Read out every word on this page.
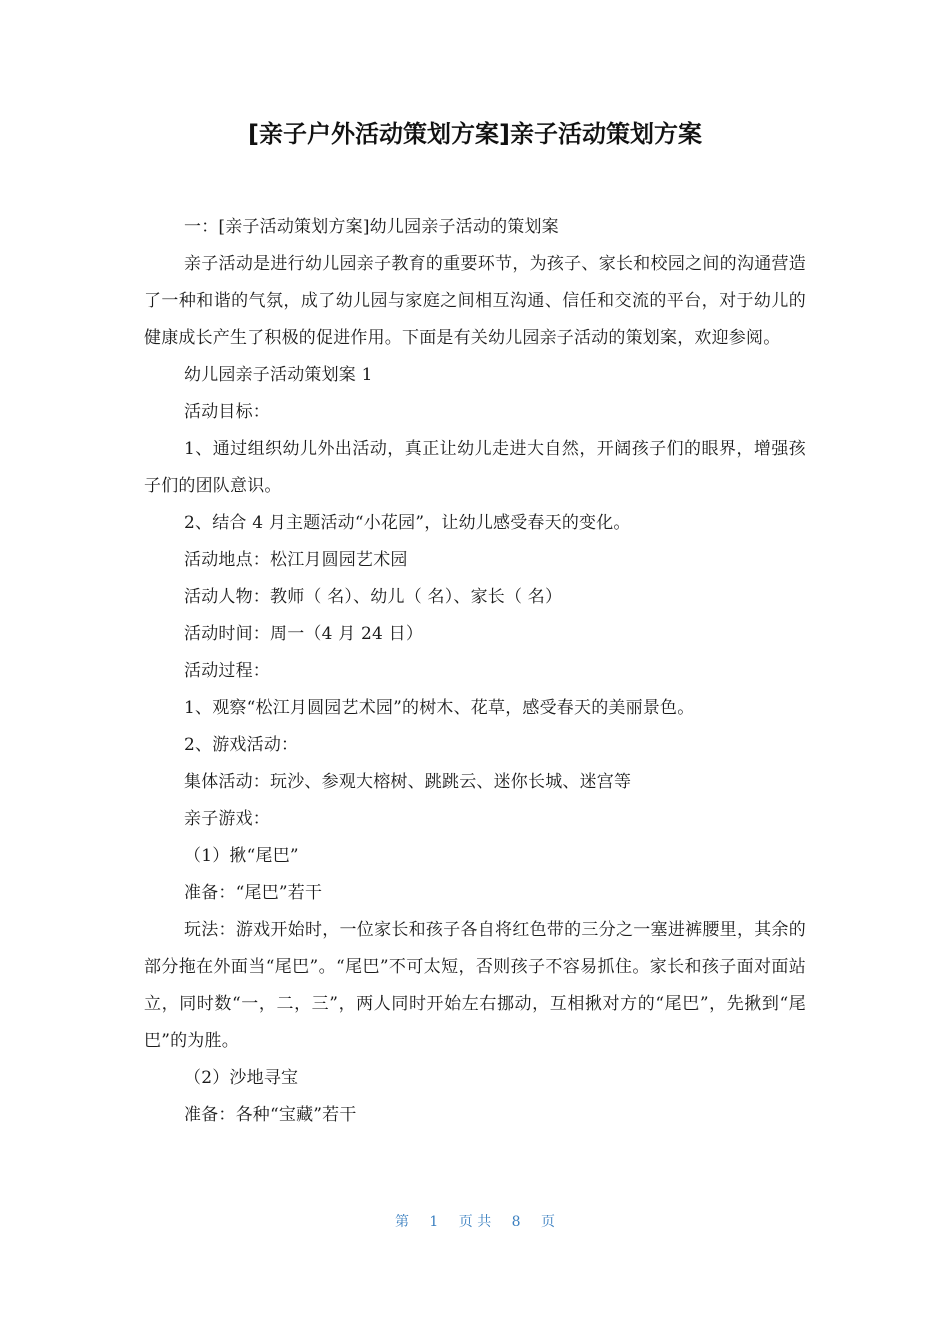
[亲子户外活动策划方案]亲子活动策划方案

一：[亲子活动策划方案]幼儿园亲子活动的策划案

亲子活动是进行幼儿园亲子教育的重要环节，为孩子、家长和校园之间的沟通营造了一种和谐的气氛，成了幼儿园与家庭之间相互沟通、信任和交流的平台，对于幼儿的健康成长产生了积极的促进作用。下面是有关幼儿园亲子活动的策划案，欢迎参阅。

幼儿园亲子活动策划案 1

活动目标：

1、通过组织幼儿外出活动，真正让幼儿走进大自然，开阔孩子们的眼界，增强孩子们的团队意识。

2、结合 4 月主题活动“小花园”，让幼儿感受春天的变化。

活动地点：松江月圆园艺术园

活动人物：教师（ 名）、幼儿（ 名）、家长（ 名）

活动时间：周一（4 月 24 日）

活动过程：

1、观察“松江月圆园艺术园”的树木、花草，感受春天的美丽景色。

2、游戏活动：

集体活动：玩沙、参观大榕树、跳跳云、迷你长城、迷宫等

亲子游戏：

（1）揪“尾巴”

准备：“尾巴”若干

玩法：游戏开始时，一位家长和孩子各自将红色带的三分之一塞进裤腰里，其余的部分拖在外面当“尾巴”。“尾巴”不可太短，否则孩子不容易抓住。家长和孩子面对面站立，同时数“一，二，三”，两人同时开始左右挪动，互相揪对方的“尾巴”，先揪到“尾巴”的为胜。

（2）沙地寻宝

准备：各种“宝藏”若干

第 1 页 共 8 页
